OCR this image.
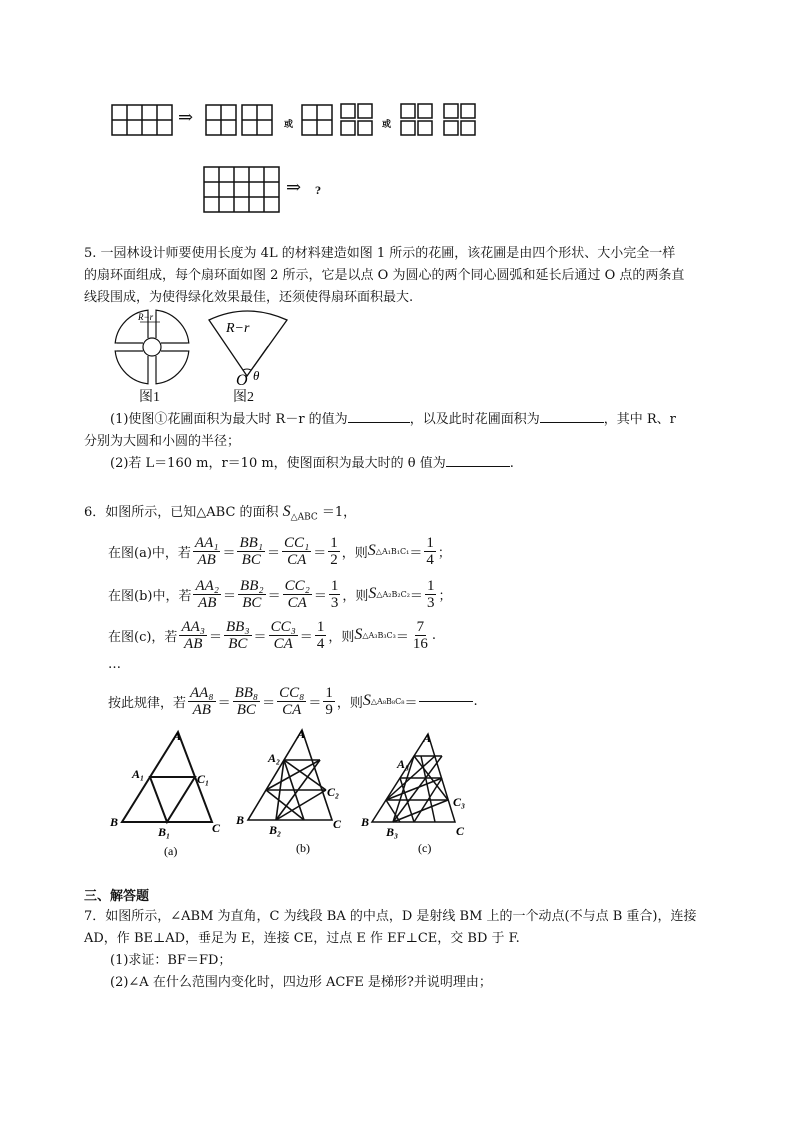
⇒	或	或
⇒ ?
5. 一园林设计师要使用长度为 4L 的材料建造如图 1 所示的花圃，该花圃是由四个形状、大小完全一样
的扇环面组成，每个扇环面如图 2 所示，它是以点 O 为圆心的两个同心圆弧和延长后通过 O 点的两条直
线段围成，为使得绿化效果最佳，还须使得扇环面积最大.
R−r
图1
R−r
O θ
图2
(1)使图①花圃面积为最大时 R－r 的值为	，以及此时花圃面积为	，其中 R、r
分别为大圆和小圆的半径；
(2)若 L＝160 m，r＝10 m，使图面积为最大时的 θ 值为	.
6．如图所示，已知△ABC 的面积 $S_{\triangle ABC} =1$，
在图(a)中，若 $\frac{\text{AA₁}}{AB} = \frac{\text{BB₁}}{BC} = \frac{\text{CC₁}}{CA} = \frac{1}{2}$ ，则 S △A₁B₁C₁ ＝ $\frac{1}{4}$ ；
在图(b)中，若 $\frac{\text{AA₂}}{AB} = \frac{\text{BB₂}}{BC} = \frac{\text{CC₂}}{CA} = \frac{1}{3}$ ，则 S △A₂B₂C₂ ＝ $\frac{1}{3}$ ；
在图(c)，若 $\frac{\text{AA₃}}{AB} = \frac{\text{BB₃}}{BC} = \frac{\text{CC₃}}{CA} = \frac{1}{4}$ ，则 S △A₃B₃C₃ ＝ $\frac{7}{16}$ .
…
按此规律，若 $\frac{\text{AA₈}}{AB} = \frac{\text{BB₈}}{BC} = \frac{\text{CC₈}}{CA} = \frac{1}{9}$ ，则 S △A₈B₈C₈ ＝	.
A
A₁	C₁
B
B₁	C
(a)
A
A₂
C₂
B
B₂	C
(b)
A
A₃
C₃
B
B₃	C
(c)
三、解答题
7．如图所示，∠ABM 为直角，C 为线段 BA 的中点，D 是射线 BM 上的一个动点(不与点 B 重合)，连接
AD，作 BE⊥AD，垂足为 E，连接 CE，过点 E 作 EF⊥CE，交 BD 于 F.
(1)求证：BF＝FD；
(2)∠A 在什么范围内变化时，四边形 ACFE 是梯形?并说明理由；
